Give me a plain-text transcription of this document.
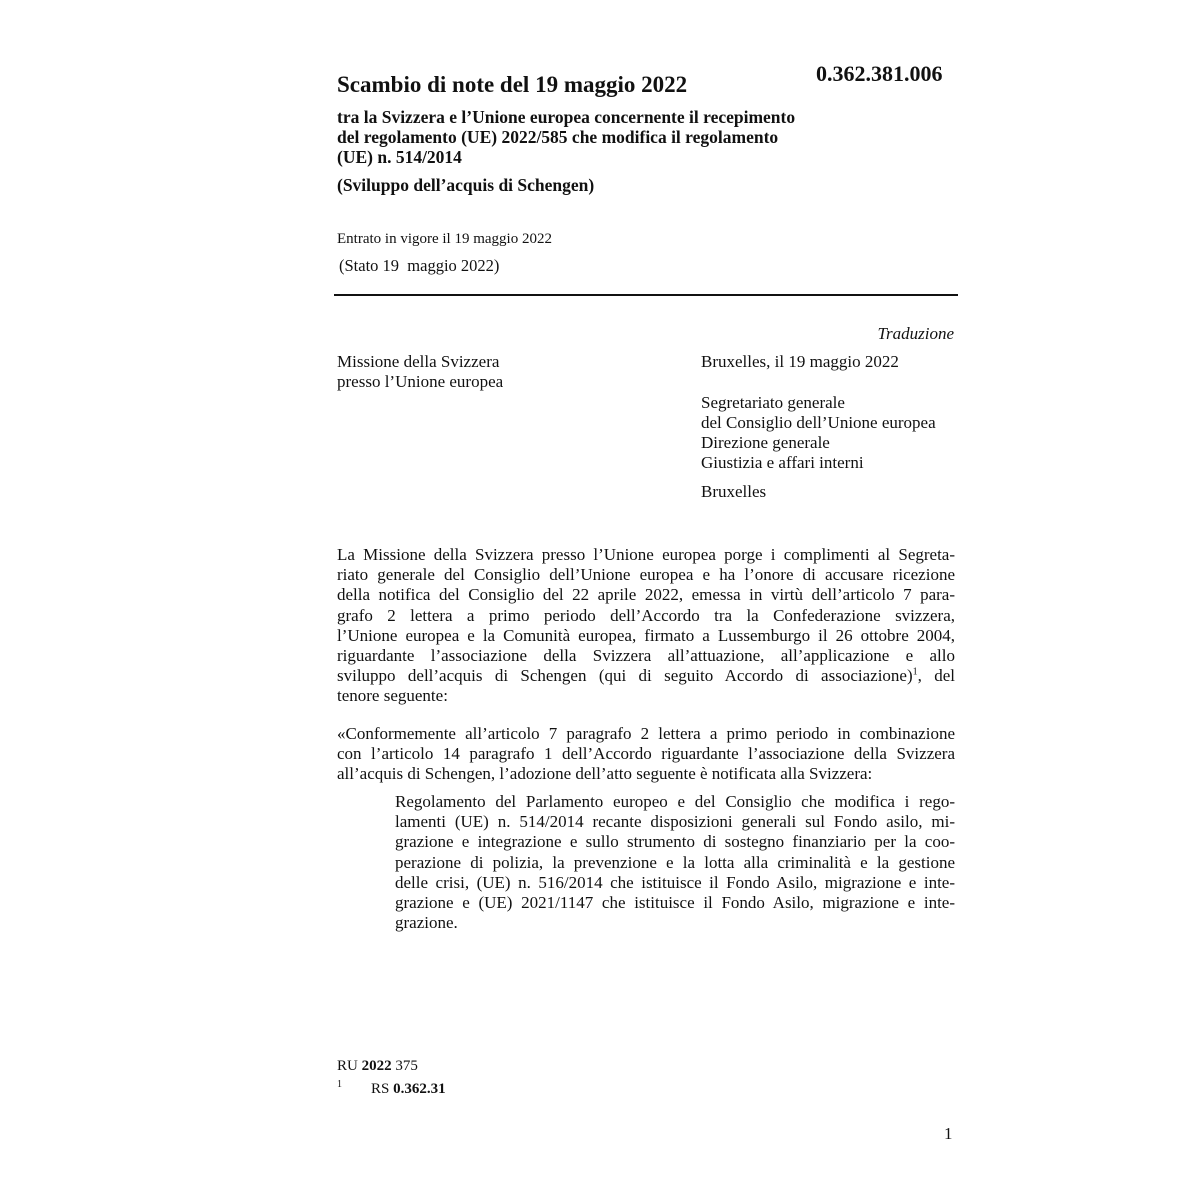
Scambio di note del 19 maggio 2022	0.362.381.006
tra la Svizzera e l’Unione europea concernente il recepimento
del regolamento (UE) 2022/585 che modifica il regolamento
(UE) n. 514/2014
(Sviluppo dell’acquis di Schengen)
Entrato in vigore il 19 maggio 2022
(Stato 19  maggio 2022)
Traduzione
Missione della Svizzera
presso l’Unione europea
Bruxelles, il 19 maggio 2022
Segretariato generale
del Consiglio dell’Unione europea
Direzione generale
Giustizia e affari interni
Bruxelles
La Missione della Svizzera presso l’Unione europea porge i complimenti al Segreta-
riato generale del Consiglio dell’Unione europea e ha l’onore di accusare ricezione
della notifica del Consiglio del 22 aprile 2022, emessa in virtù dell’articolo 7 para-
grafo 2 lettera a primo periodo dell’Accordo tra la Confederazione svizzera,
l’Unione europea e la Comunità europea, firmato a Lussemburgo il 26 ottobre 2004,
riguardante l’associazione della Svizzera all’attuazione, all’applicazione e allo
sviluppo dell’acquis di Schengen (qui di seguito Accordo di associazione)$^1$, del
tenore seguente:
«Conformemente all’articolo 7 paragrafo 2 lettera a primo periodo in combinazione
con l’articolo 14 paragrafo 1 dell’Accordo riguardante l’associazione della Svizzera
all’acquis di Schengen, l’adozione dell’atto seguente è notificata alla Svizzera:
Regolamento del Parlamento europeo e del Consiglio che modifica i rego-
lamenti (UE) n. 514/2014 recante disposizioni generali sul Fondo asilo, mi-
grazione e integrazione e sullo strumento di sostegno finanziario per la coo-
perazione di polizia, la prevenzione e la lotta alla criminalità e la gestione
delle crisi, (UE) n. 516/2014 che istituisce il Fondo Asilo, migrazione e inte-
grazione e (UE) 2021/1147 che istituisce il Fondo Asilo, migrazione e inte-
grazione.
RU 2022 375
1 RS 0.362.31
1
